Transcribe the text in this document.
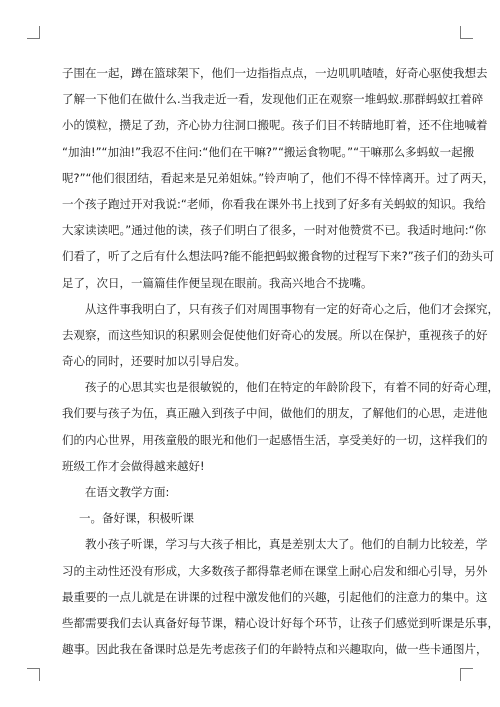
子围在一起，蹲在篮球架下，他们一边指指点点，一边叽叽喳喳，好奇心驱使我想去
了解一下他们在做什么.当我走近一看，发现他们正在观察一堆蚂蚁.那群蚂蚁扛着碎
小的馍粒，攒足了劲，齐心协力往洞口搬呢。孩子们目不转睛地盯着，还不住地喊着
“加油!”“加油!”我忍不住问:“他们在干嘛?”“搬运食物呢。”“干嘛那么多蚂蚁一起搬
呢?”“他们很团结，看起来是兄弟姐妹。”铃声响了，他们不得不悻悻离开。过了两天，
一个孩子跑过开对我说:“老师，你看我在课外书上找到了好多有关蚂蚁的知识。我给
大家读读吧。”通过他的读，孩子们明白了很多，一时对他赞赏不已。我适时地问:“你
们看了，听了之后有什么想法吗?能不能把蚂蚁搬食物的过程写下来?”孩子们的劲头可
足了，次日，一篇篇佳作便呈现在眼前。我高兴地合不拢嘴。
从这件事我明白了，只有孩子们对周围事物有一定的好奇心之后，他们才会探究，
去观察，而这些知识的积累则会促使他们好奇心的发展。所以在保护，重视孩子的好
奇心的同时，还要时加以引导启发。
孩子的心思其实也是很敏锐的，他们在特定的年龄阶段下，有着不同的好奇心理，
我们要与孩子为伍，真正融入到孩子中间，做他们的朋友，了解他们的心思，走进他
们的内心世界，用孩童般的眼光和他们一起感悟生活，享受美好的一切，这样我们的
班级工作才会做得越来越好!
在语文教学方面:
一。备好课，积极听课
教小孩子听课，学习与大孩子相比，真是差别太大了。他们的自制力比较差，学
习的主动性还没有形成，大多数孩子都得靠老师在课堂上耐心启发和细心引导，另外
最重要的一点儿就是在讲课的过程中激发他们的兴趣，引起他们的注意力的集中。这
些都需要我们去认真备好每节课，精心设计好每个环节，让孩子们感觉到听课是乐事，
趣事。因此我在备课时总是先考虑孩子们的年龄特点和兴趣取向，做一些卡通图片，
